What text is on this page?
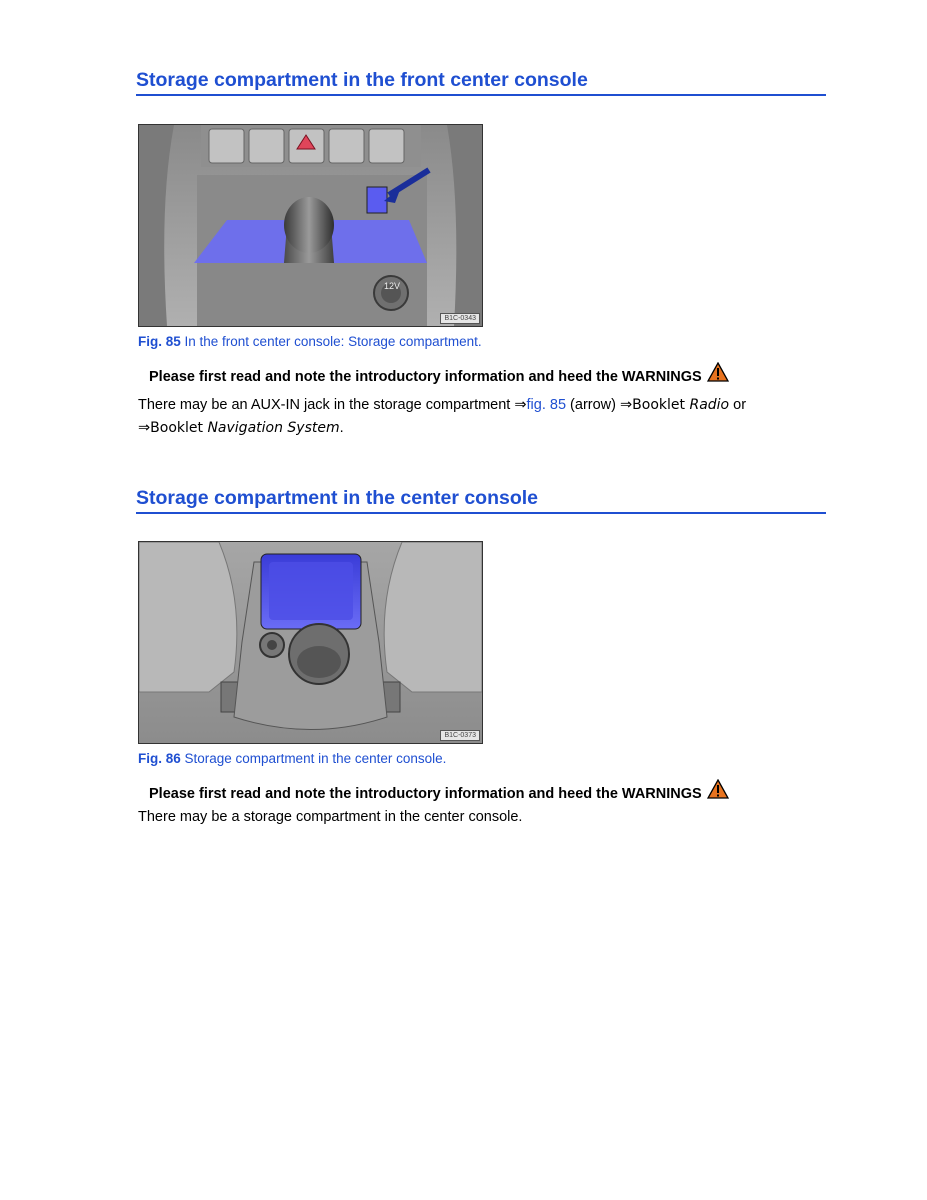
Storage compartment in the front center console
12V
B1C-0343
Fig. 85 In the front center console: Storage compartment.
Please first read and note the introductory information and heed the WARNINGS
There may be an AUX-IN jack in the storage compartment ⇒fig. 85 (arrow) ⇒Booklet Radio or
⇒Booklet Navigation System.
Storage compartment in the center console
B1C-0373
Fig. 86 Storage compartment in the center console.
Please first read and note the introductory information and heed the WARNINGS
There may be a storage compartment in the center console.
